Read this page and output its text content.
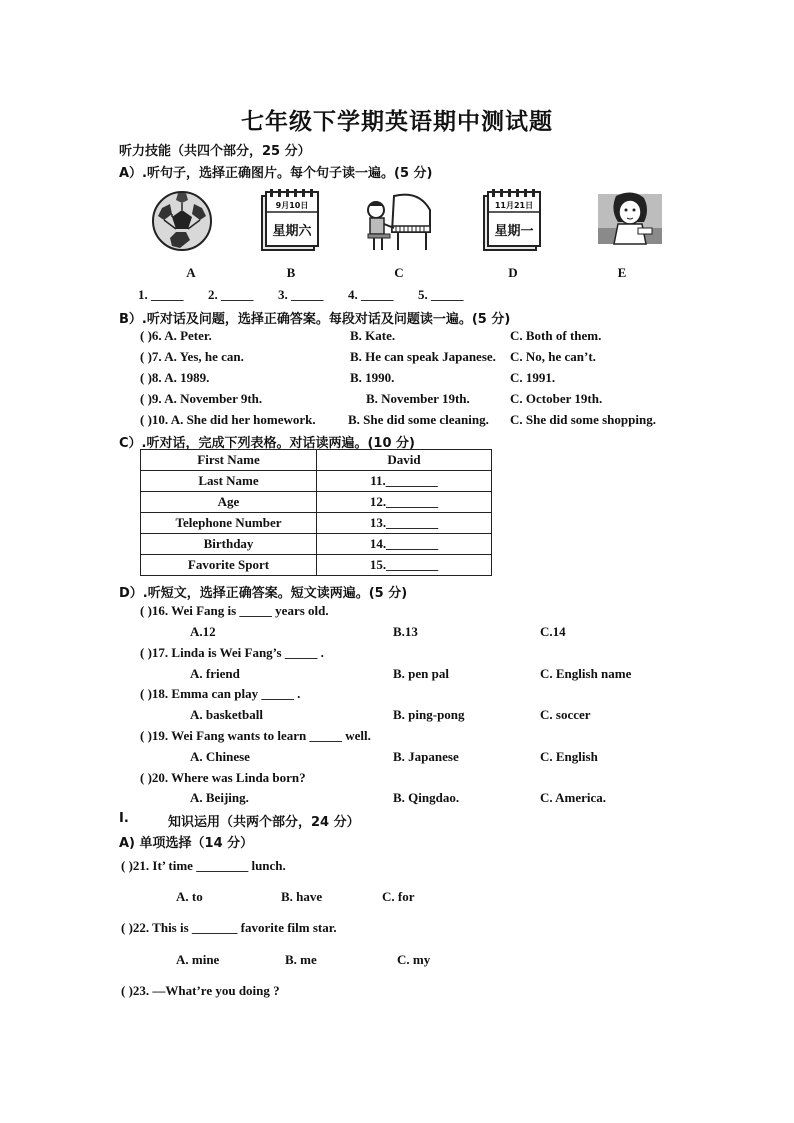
七年级下学期英语期中测试题
听力技能（共四个部分，25 分）
A）.听句子，选择正确图片。每个句子读一遍。(5 分)
9月10日
星期六
11月21日
星期一
A	B	C	D	E
1. _____ 2. _____ 3. _____ 4. _____ 5. _____
B）.听对话及问题，选择正确答案。每段对话及问题读一遍。(5 分)
( )6. A. Peter.	B. Kate.	C. Both of them.
( )7. A. Yes, he can.	B. He can speak Japanese. C. No, he can’t.
( )8. A. 1989.	B. 1990.	C. 1991.
( )9. A. November 9th.	B. November 19th.	C. October 19th.
( )10. A. She did her homework. B. She did some cleaning. C. She did some shopping.
C）.听对话，完成下列表格。对话读两遍。(10 分)
First Name	David
Last Name	11.________
Age	12.________
Telephone Number	13.________
Birthday	14.________
Favorite Sport	15.________
D）.听短文，选择正确答案。短文读两遍。(5 分)
( )16. Wei Fang is _____ years old.
A.12	B.13	C.14
( )17. Linda is Wei Fang’s _____ .
A. friend	B. pen pal	C. English name
( )18. Emma can play _____ .
A. basketball	B. ping-pong	C. soccer
( )19. Wei Fang wants to learn _____ well.
A. Chinese	B. Japanese	C. English
( )20. Where was Linda born?
A. Beijing.	B. Qingdao.	C. America.
I.	知识运用（共两个部分，24 分）
A) 单项选择（14 分）
( )21. It’ time ________ lunch.
A. to	B. have	C. for
( )22. This is _______ favorite film star.
A. mine	B. me	C. my
( )23. —What’re you doing ?
